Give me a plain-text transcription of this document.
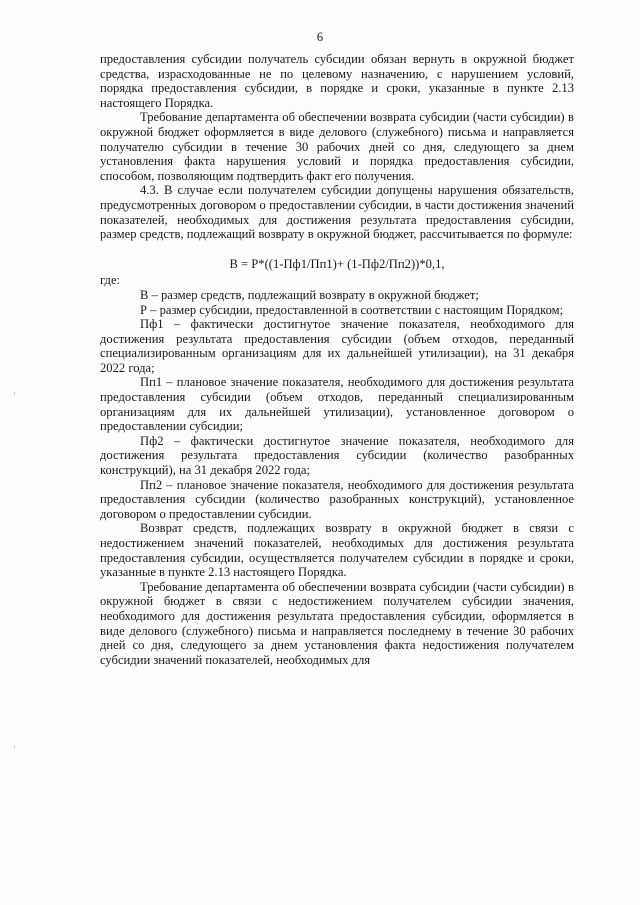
6

предоставления субсидии получатель субсидии обязан вернуть в окружной бюджет средства, израсходованные не по целевому назначению, с нарушением условий, порядка предоставления субсидии, в порядке и сроки, указанные в пункте 2.13 настоящего Порядка.

Требование департамента об обеспечении возврата субсидии (части субсидии) в окружной бюджет оформляется в виде делового (служебного) письма и направляется получателю субсидии в течение 30 рабочих дней со дня, следующего за днем установления факта нарушения условий и порядка предоставления субсидии, способом, позволяющим подтвердить факт его получения.

4.3. В случае если получателем субсидии допущены нарушения обязательств, предусмотренных договором о предоставлении субсидии, в части достижения значений показателей, необходимых для достижения результата предоставления субсидии, размер средств, подлежащий возврату в окружной бюджет, рассчитывается по формуле:

В = Р*((1-Пф1/Пп1)+ (1-Пф2/Пп2))*0,1,

где:

В – размер средств, подлежащий возврату в окружной бюджет;

Р – размер субсидии, предоставленной в соответствии с настоящим Порядком;

Пф1 – фактически достигнутое значение показателя, необходимого для достижения результата предоставления субсидии (объем отходов, переданный специализированным организациям для их дальнейшей утилизации), на 31 декабря 2022 года;

Пп1 – плановое значение показателя, необходимого для достижения результата предоставления субсидии (объем отходов, переданный специализированным организациям для их дальнейшей утилизации), установленное договором о предоставлении субсидии;

Пф2 – фактически достигнутое значение показателя, необходимого для достижения результата предоставления субсидии (количество разобранных конструкций), на 31 декабря 2022 года;

Пп2 – плановое значение показателя, необходимого для достижения результата предоставления субсидии (количество разобранных конструкций), установленное договором о предоставлении субсидии.

Возврат средств, подлежащих возврату в окружной бюджет в связи с недостижением значений показателей, необходимых для достижения результата предоставления субсидии, осуществляется получателем субсидии в порядке и сроки, указанные в пункте 2.13 настоящего Порядка.

Требование департамента об обеспечении возврата субсидии (части субсидии) в окружной бюджет в связи с недостижением получателем субсидии значения, необходимого для достижения результата предоставления субсидии, оформляется в виде делового (служебного) письма и направляется последнему в течение 30 рабочих дней со дня, следующего за днем установления факта недостижения получателем субсидии значений показателей, необходимых для
